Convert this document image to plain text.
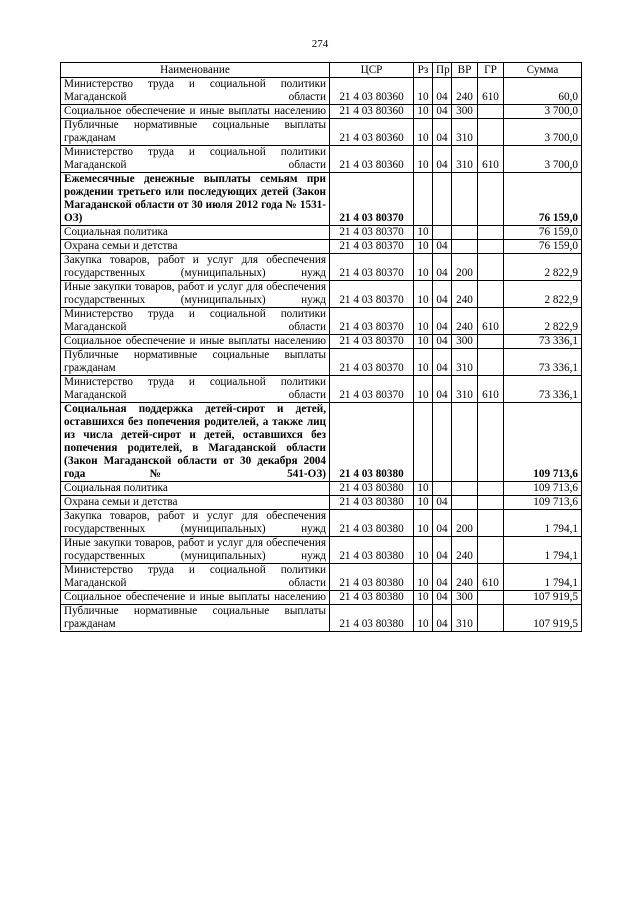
274
Наименование	ЦСР	Рз	Пр	ВР	ГР	Сумма
Министерство труда и социальной политики Магаданской области	21 4 03 80360	10	04	240	610	60,0
Социальное обеспечение и иные выплаты населению	21 4 03 80360	10	04	300		3 700,0
Публичные нормативные социальные выплаты гражданам	21 4 03 80360	10	04	310		3 700,0
Министерство труда и социальной политики Магаданской области	21 4 03 80360	10	04	310	610	3 700,0
Ежемесячные денежные выплаты семьям при рождении третьего или последующих детей (Закон Магаданской области от 30 июля 2012 года № 1531-ОЗ)	21 4 03 80370					76 159,0
Социальная политика	21 4 03 80370	10				76 159,0
Охрана семьи и детства	21 4 03 80370	10	04			76 159,0
Закупка товаров, работ и услуг для обеспечения государственных (муниципальных) нужд	21 4 03 80370	10	04	200		2 822,9
Иные закупки товаров, работ и услуг для обеспечения государственных (муниципальных) нужд	21 4 03 80370	10	04	240		2 822,9
Министерство труда и социальной политики Магаданской области	21 4 03 80370	10	04	240	610	2 822,9
Социальное обеспечение и иные выплаты населению	21 4 03 80370	10	04	300		73 336,1
Публичные нормативные социальные выплаты гражданам	21 4 03 80370	10	04	310		73 336,1
Министерство труда и социальной политики Магаданской области	21 4 03 80370	10	04	310	610	73 336,1
Социальная поддержка детей-сирот и детей, оставшихся без попечения родителей, а также лиц из числа детей-сирот и детей, оставшихся без попечения родителей, в Магаданской области (Закон Магаданской области от 30 декабря 2004 года № 541-ОЗ)	21 4 03 80380					109 713,6
Социальная политика	21 4 03 80380	10				109 713,6
Охрана семьи и детства	21 4 03 80380	10	04			109 713,6
Закупка товаров, работ и услуг для обеспечения государственных (муниципальных) нужд	21 4 03 80380	10	04	200		1 794,1
Иные закупки товаров, работ и услуг для обеспечения государственных (муниципальных) нужд	21 4 03 80380	10	04	240		1 794,1
Министерство труда и социальной политики Магаданской области	21 4 03 80380	10	04	240	610	1 794,1
Социальное обеспечение и иные выплаты населению	21 4 03 80380	10	04	300		107 919,5
Публичные нормативные социальные выплаты гражданам	21 4 03 80380	10	04	310		107 919,5
